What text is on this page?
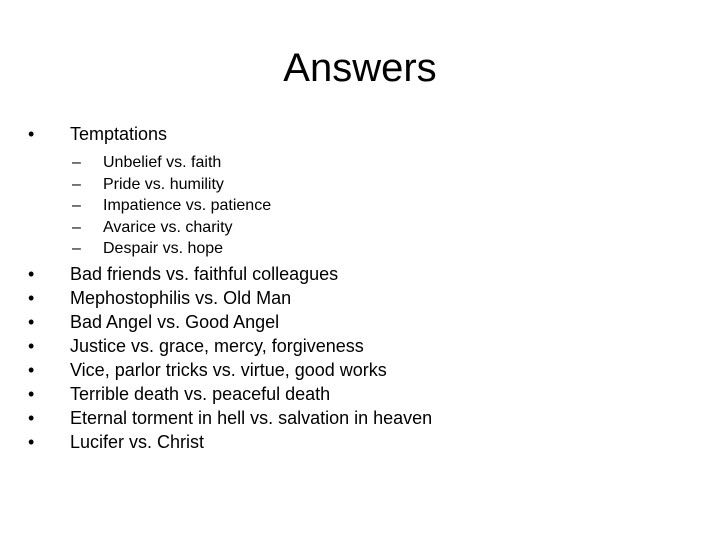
Answers
•	Temptations
–	Unbelief vs. faith
–	Pride vs. humility
–	Impatience vs. patience
–	Avarice vs. charity
–	Despair vs. hope
•	Bad friends vs. faithful colleagues
•	Mephostophilis vs. Old Man
•	Bad Angel vs. Good Angel
•	Justice vs. grace, mercy, forgiveness
•	Vice, parlor tricks vs. virtue, good works
•	Terrible death vs. peaceful death
•	Eternal torment in hell vs. salvation in heaven
•	Lucifer vs. Christ
